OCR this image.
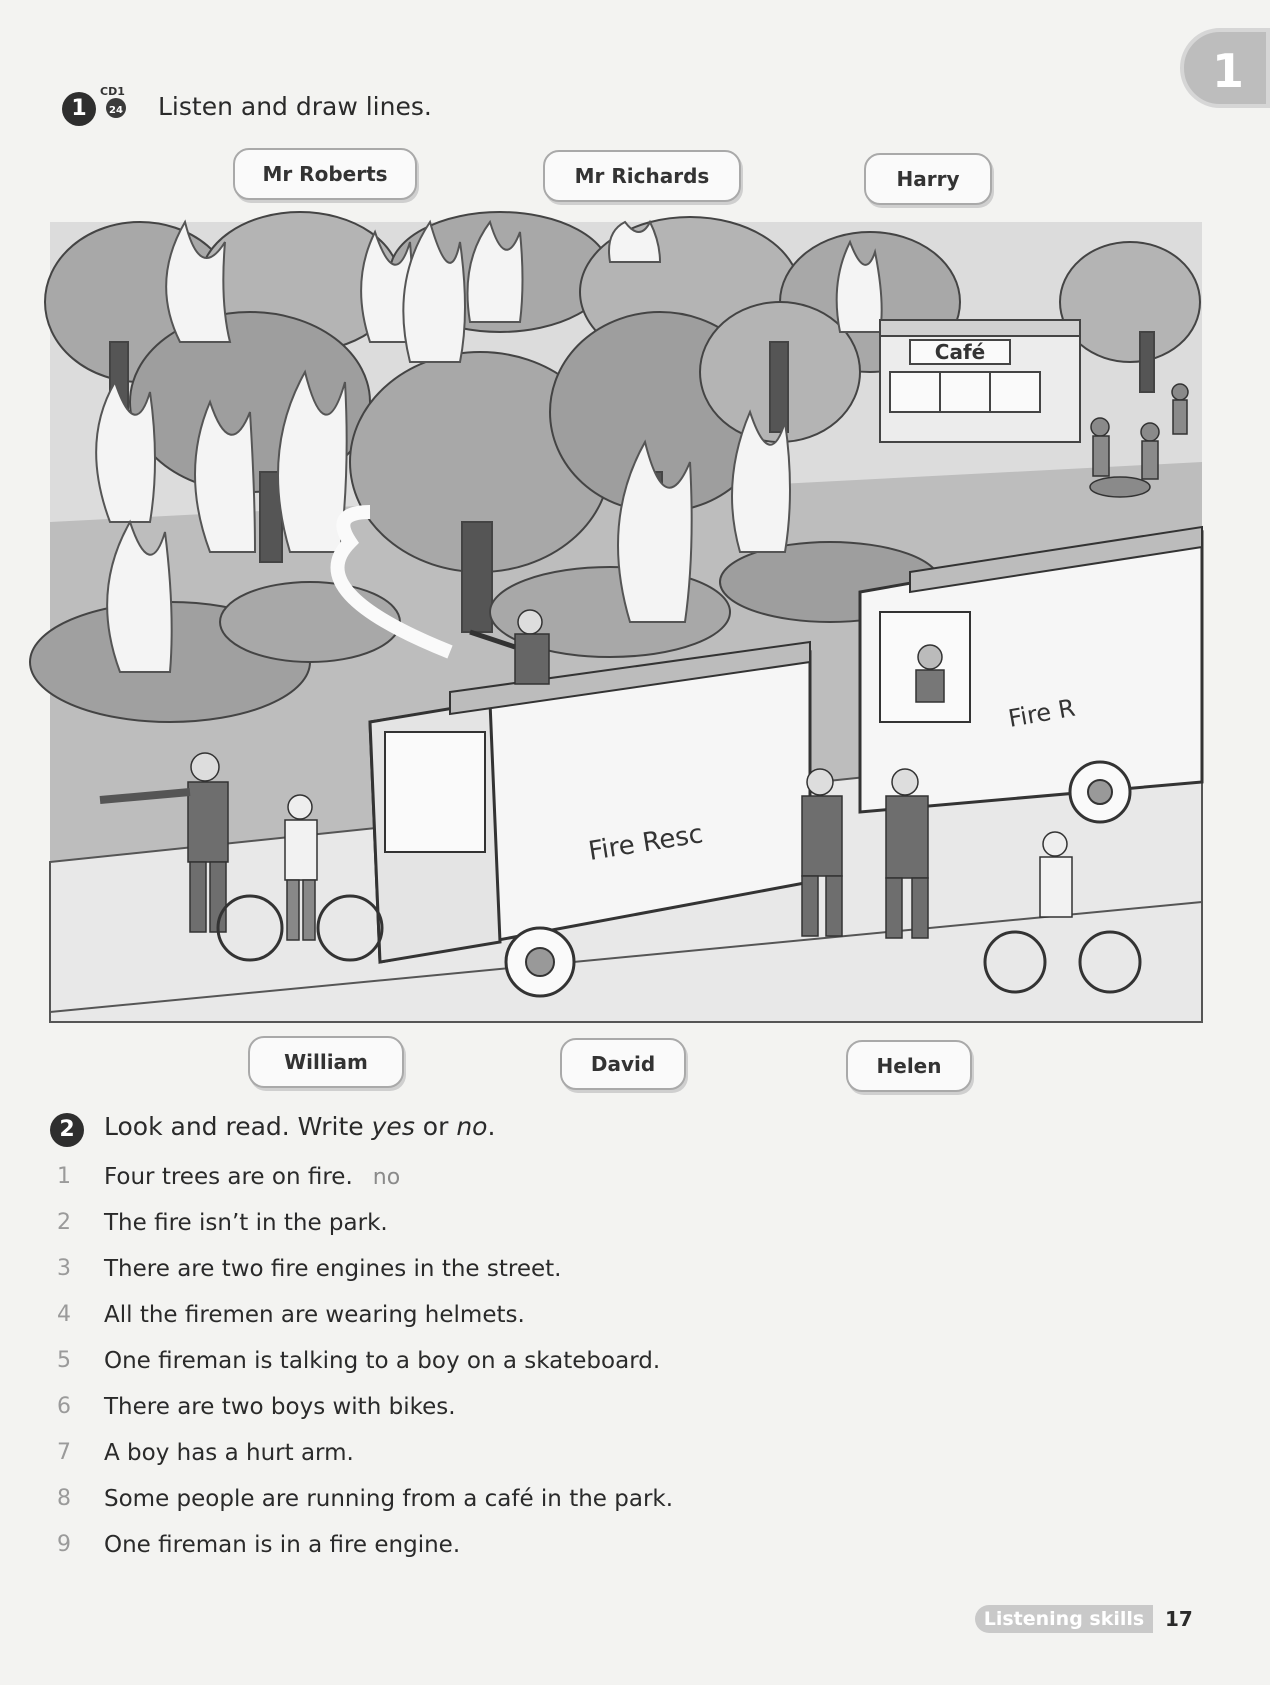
1
1
CD1
24 Listen and draw lines.
Mr Roberts	Mr Richards	Harry
Café
Fire Resc
Fire R
William	David	Helen
2	Look and read. Write yes or no.
1	Four trees are on fire. no
2	The fire isn’t in the park.
3	There are two fire engines in the street.
4	All the firemen are wearing helmets.
5	One fireman is talking to a boy on a skateboard.
6	There are two boys with bikes.
7	A boy has a hurt arm.
8	Some people are running from a café in the park.
9	One fireman is in a fire engine.
Listening skills	17
